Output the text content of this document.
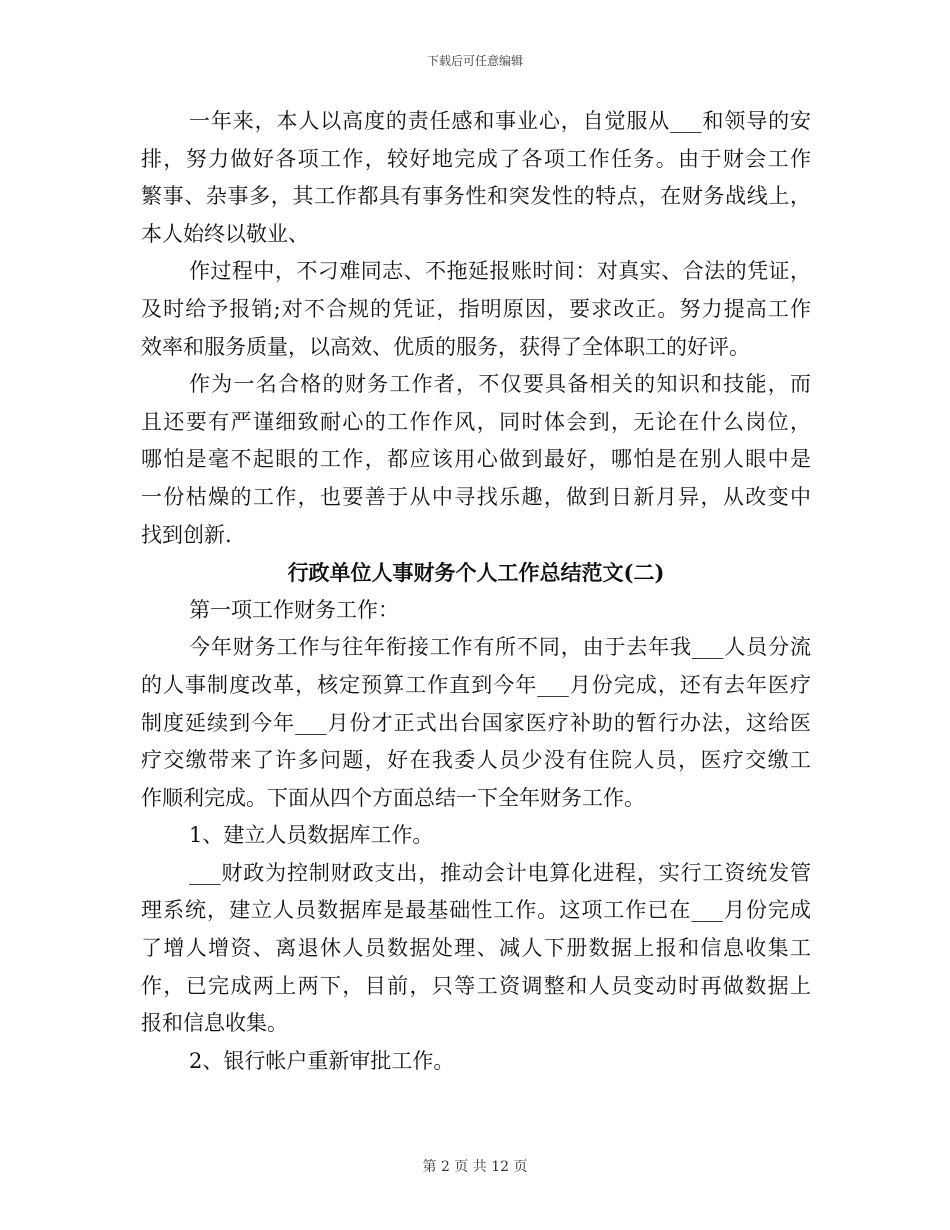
下载后可任意编辑
一年来，本人以高度的责任感和事业心，自觉服从___和领导的安
排，努力做好各项工作，较好地完成了各项工作任务。由于财会工作
繁事、杂事多，其工作都具有事务性和突发性的特点，在财务战线上，
本人始终以敬业、
作过程中，不刁难同志、不拖延报账时间：对真实、合法的凭证，
及时给予报销;对不合规的凭证，指明原因，要求改正。努力提高工作
效率和服务质量，以高效、优质的服务，获得了全体职工的好评。
作为一名合格的财务工作者，不仅要具备相关的知识和技能，而
且还要有严谨细致耐心的工作作风，同时体会到，无论在什么岗位，
哪怕是毫不起眼的工作，都应该用心做到最好，哪怕是在别人眼中是
一份枯燥的工作，也要善于从中寻找乐趣，做到日新月异，从改变中
找到创新.
行政单位人事财务个人工作总结范文(二)
第一项工作财务工作：
今年财务工作与往年衔接工作有所不同，由于去年我___人员分流
的人事制度改革，核定预算工作直到今年___月份完成，还有去年医疗
制度延续到今年___月份才正式出台国家医疗补助的暂行办法，这给医
疗交缴带来了许多问题，好在我委人员少没有住院人员，医疗交缴工
作顺利完成。下面从四个方面总结一下全年财务工作。
1、建立人员数据库工作。
___财政为控制财政支出，推动会计电算化进程，实行工资统发管
理系统，建立人员数据库是最基础性工作。这项工作已在___月份完成
了增人增资、离退休人员数据处理、减人下册数据上报和信息收集工
作，已完成两上两下，目前，只等工资调整和人员变动时再做数据上
报和信息收集。
2、银行帐户重新审批工作。
第 2 页 共 12 页
